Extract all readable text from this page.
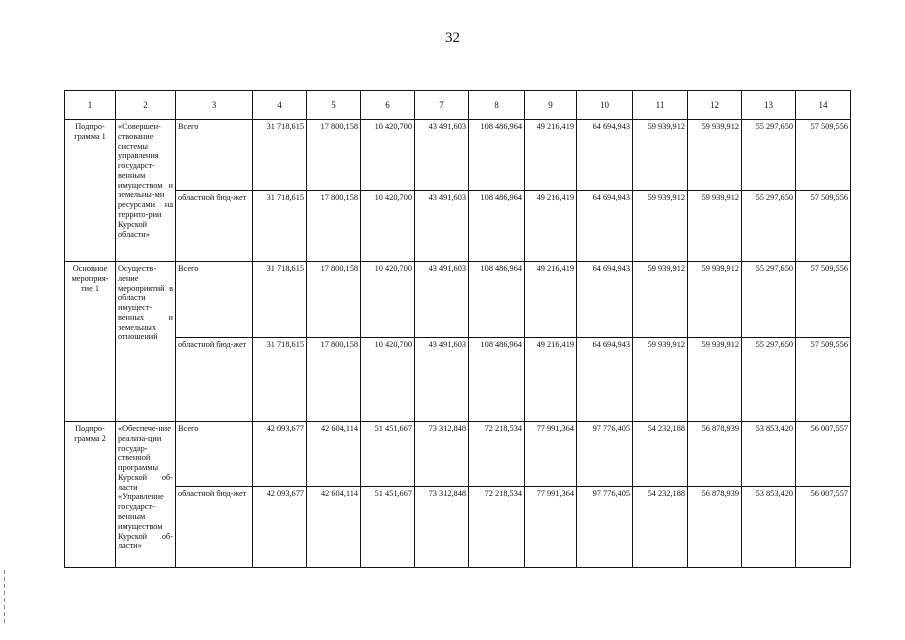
32
1	2	3	4	5	6	7	8	9	10	11	12	13	14
Подпро-грамма 1	«Совершен-ствование системы управления государст-венным имуществом и земельны-ми ресурсами на террито-рии Курской области»	Всего	31 718,615	17 800,158	10 420,700	43 491,603	108 486,964	49 216,419	64 694,943	59 939,912	59 939,912	55 297,650	57 509,556
		областной бюд-жет	31 718,615	17 800,158	10 420,700	43 491,603	108 486,964	49 216,419	64 694,943	59 939,912	59 939,912	55 297,650	57 509,556
Основное мероприя-тие 1	Осуществ-ление мероприятий в области имущест-венных и земельных отношений	Всего	31 718,615	17 800,158	10 420,700	43 491,603	108 486,964	49 216,419	64 694,943	59 939,912	59 939,912	55 297,650	57 509,556
		областной бюд-жет	31 718,615	17 800,158	10 420,700	43 491,603	108 486,964	49 216,419	64 694,943	59 939,912	59 939,912	55 297,650	57 509,556
Подпро-грамма 2	«Обеспече-ние реализа-ции государ-ственной программы Курской об-ласти «Управление государст-венным имуществом Курской об-ласти»	Всего	42 093,677	42 604,114	51 451,667	73 312,848	72 218,534	77 991,364	97 776,405	54 232,188	56 878,939	53 853,420	56 007,557
		областной бюд-жет	42 093,677	42 604,114	51 451,667	73 312,848	72 218,534	77 991,364	97 776,405	54 232,188	56 878,939	53 853,420	56 007,557
